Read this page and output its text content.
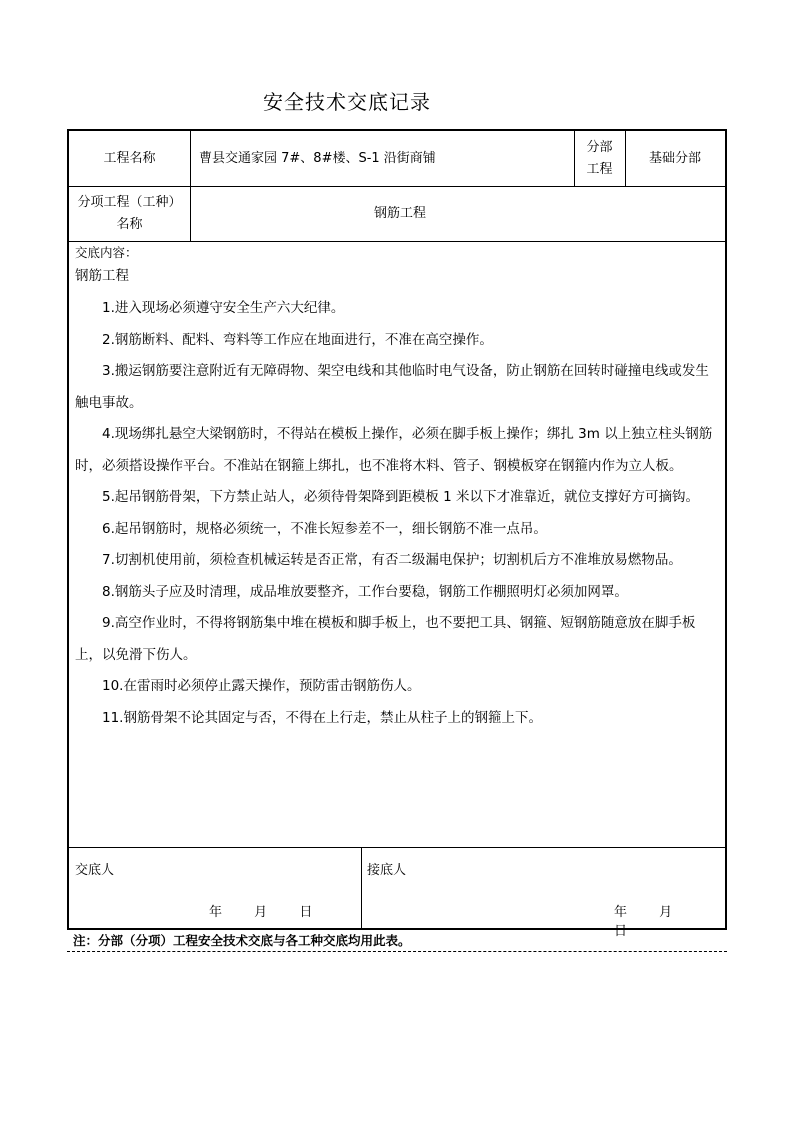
安全技术交底记录
工程名称	曹县交通家园 7#、8#楼、S-1 沿街商铺
分部
工程
基础分部
分项工程（工种）
名称
钢筋工程
交底内容：
钢筋工程

1.进入现场必须遵守安全生产六大纪律。

2.钢筋断料、配料、弯料等工作应在地面进行，不准在高空操作。

3.搬运钢筋要注意附近有无障碍物、架空电线和其他临时电气设备，防止钢筋在回转时碰撞电线或发生触电事故。

4.现场绑扎悬空大梁钢筋时，不得站在模板上操作，必须在脚手板上操作；绑扎 3m 以上独立柱头钢筋时，必须搭设操作平台。不准站在钢箍上绑扎，也不准将木料、管子、钢模板穿在钢箍内作为立人板。

5.起吊钢筋骨架，下方禁止站人，必须待骨架降到距模板 1 米以下才准靠近，就位支撑好方可摘钩。

6.起吊钢筋时，规格必须统一，不准长短参差不一，细长钢筋不准一点吊。

7.切割机使用前，须检查机械运转是否正常，有否二级漏电保护；切割机后方不准堆放易燃物品。

8.钢筋头子应及时清理，成品堆放要整齐，工作台要稳，钢筋工作棚照明灯必须加网罩。

9.高空作业时，不得将钢筋集中堆在模板和脚手板上，也不要把工具、钢箍、短钢筋随意放在脚手板上，以免滑下伤人。

10.在雷雨时必须停止露天操作，预防雷击钢筋伤人。

11.钢筋骨架不论其固定与否，不得在上行走，禁止从柱子上的钢箍上下。

交底人
年 月 日
接底人
年 月 日
注：分部（分项）工程安全技术交底与各工种交底均用此表。
